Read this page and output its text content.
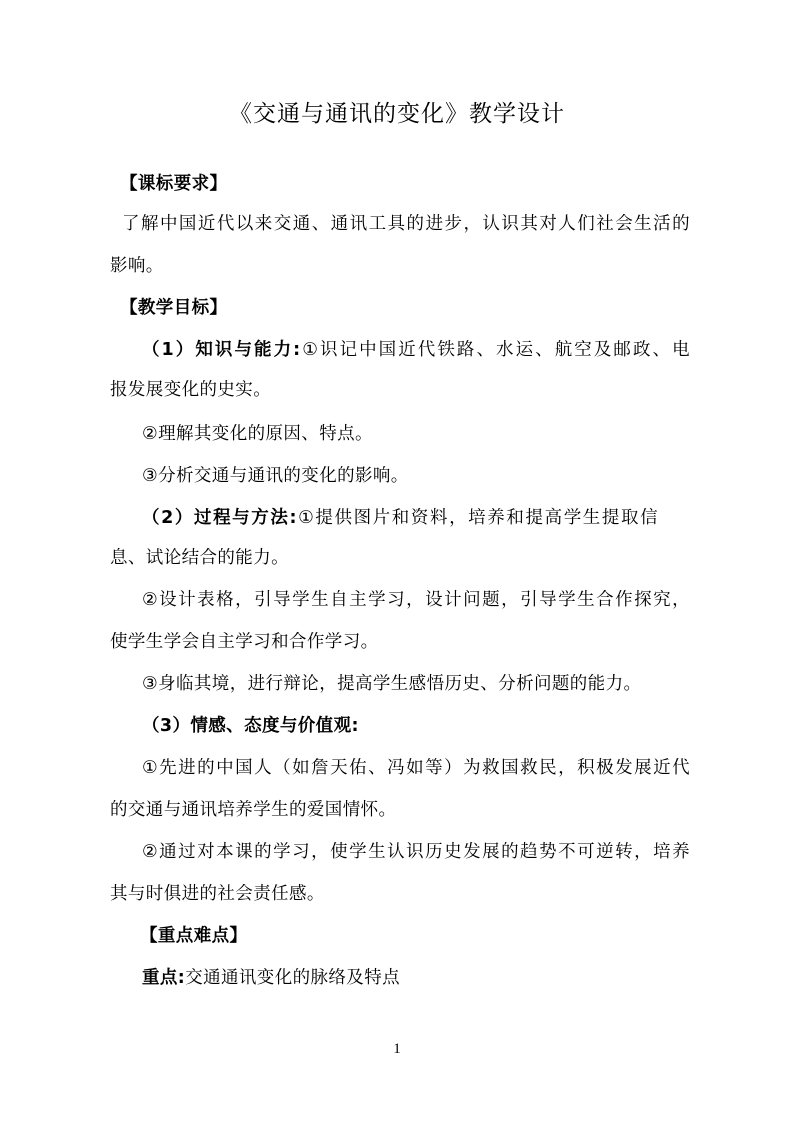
《交通与通讯的变化》教学设计
【课标要求】
了解中国近代以来交通、通讯工具的进步，认识其对人们社会生活的
影响。
【教学目标】
（1）知识与能力:①识记中国近代铁路、水运、航空及邮政、电
报发展变化的史实。
②理解其变化的原因、特点。
③分析交通与通讯的变化的影响。
（2）过程与方法:①提供图片和资料，培养和提高学生提取信
息、试论结合的能力。
②设计表格，引导学生自主学习，设计问题，引导学生合作探究，
使学生学会自主学习和合作学习。
③身临其境，进行辩论，提高学生感悟历史、分析问题的能力。
（3）情感、态度与价值观:
①先进的中国人（如詹天佑、冯如等）为救国救民，积极发展近代
的交通与通讯培养学生的爱国情怀。
②通过对本课的学习，使学生认识历史发展的趋势不可逆转，培养
其与时俱进的社会责任感。
【重点难点】
重点:交通通讯变化的脉络及特点
1
